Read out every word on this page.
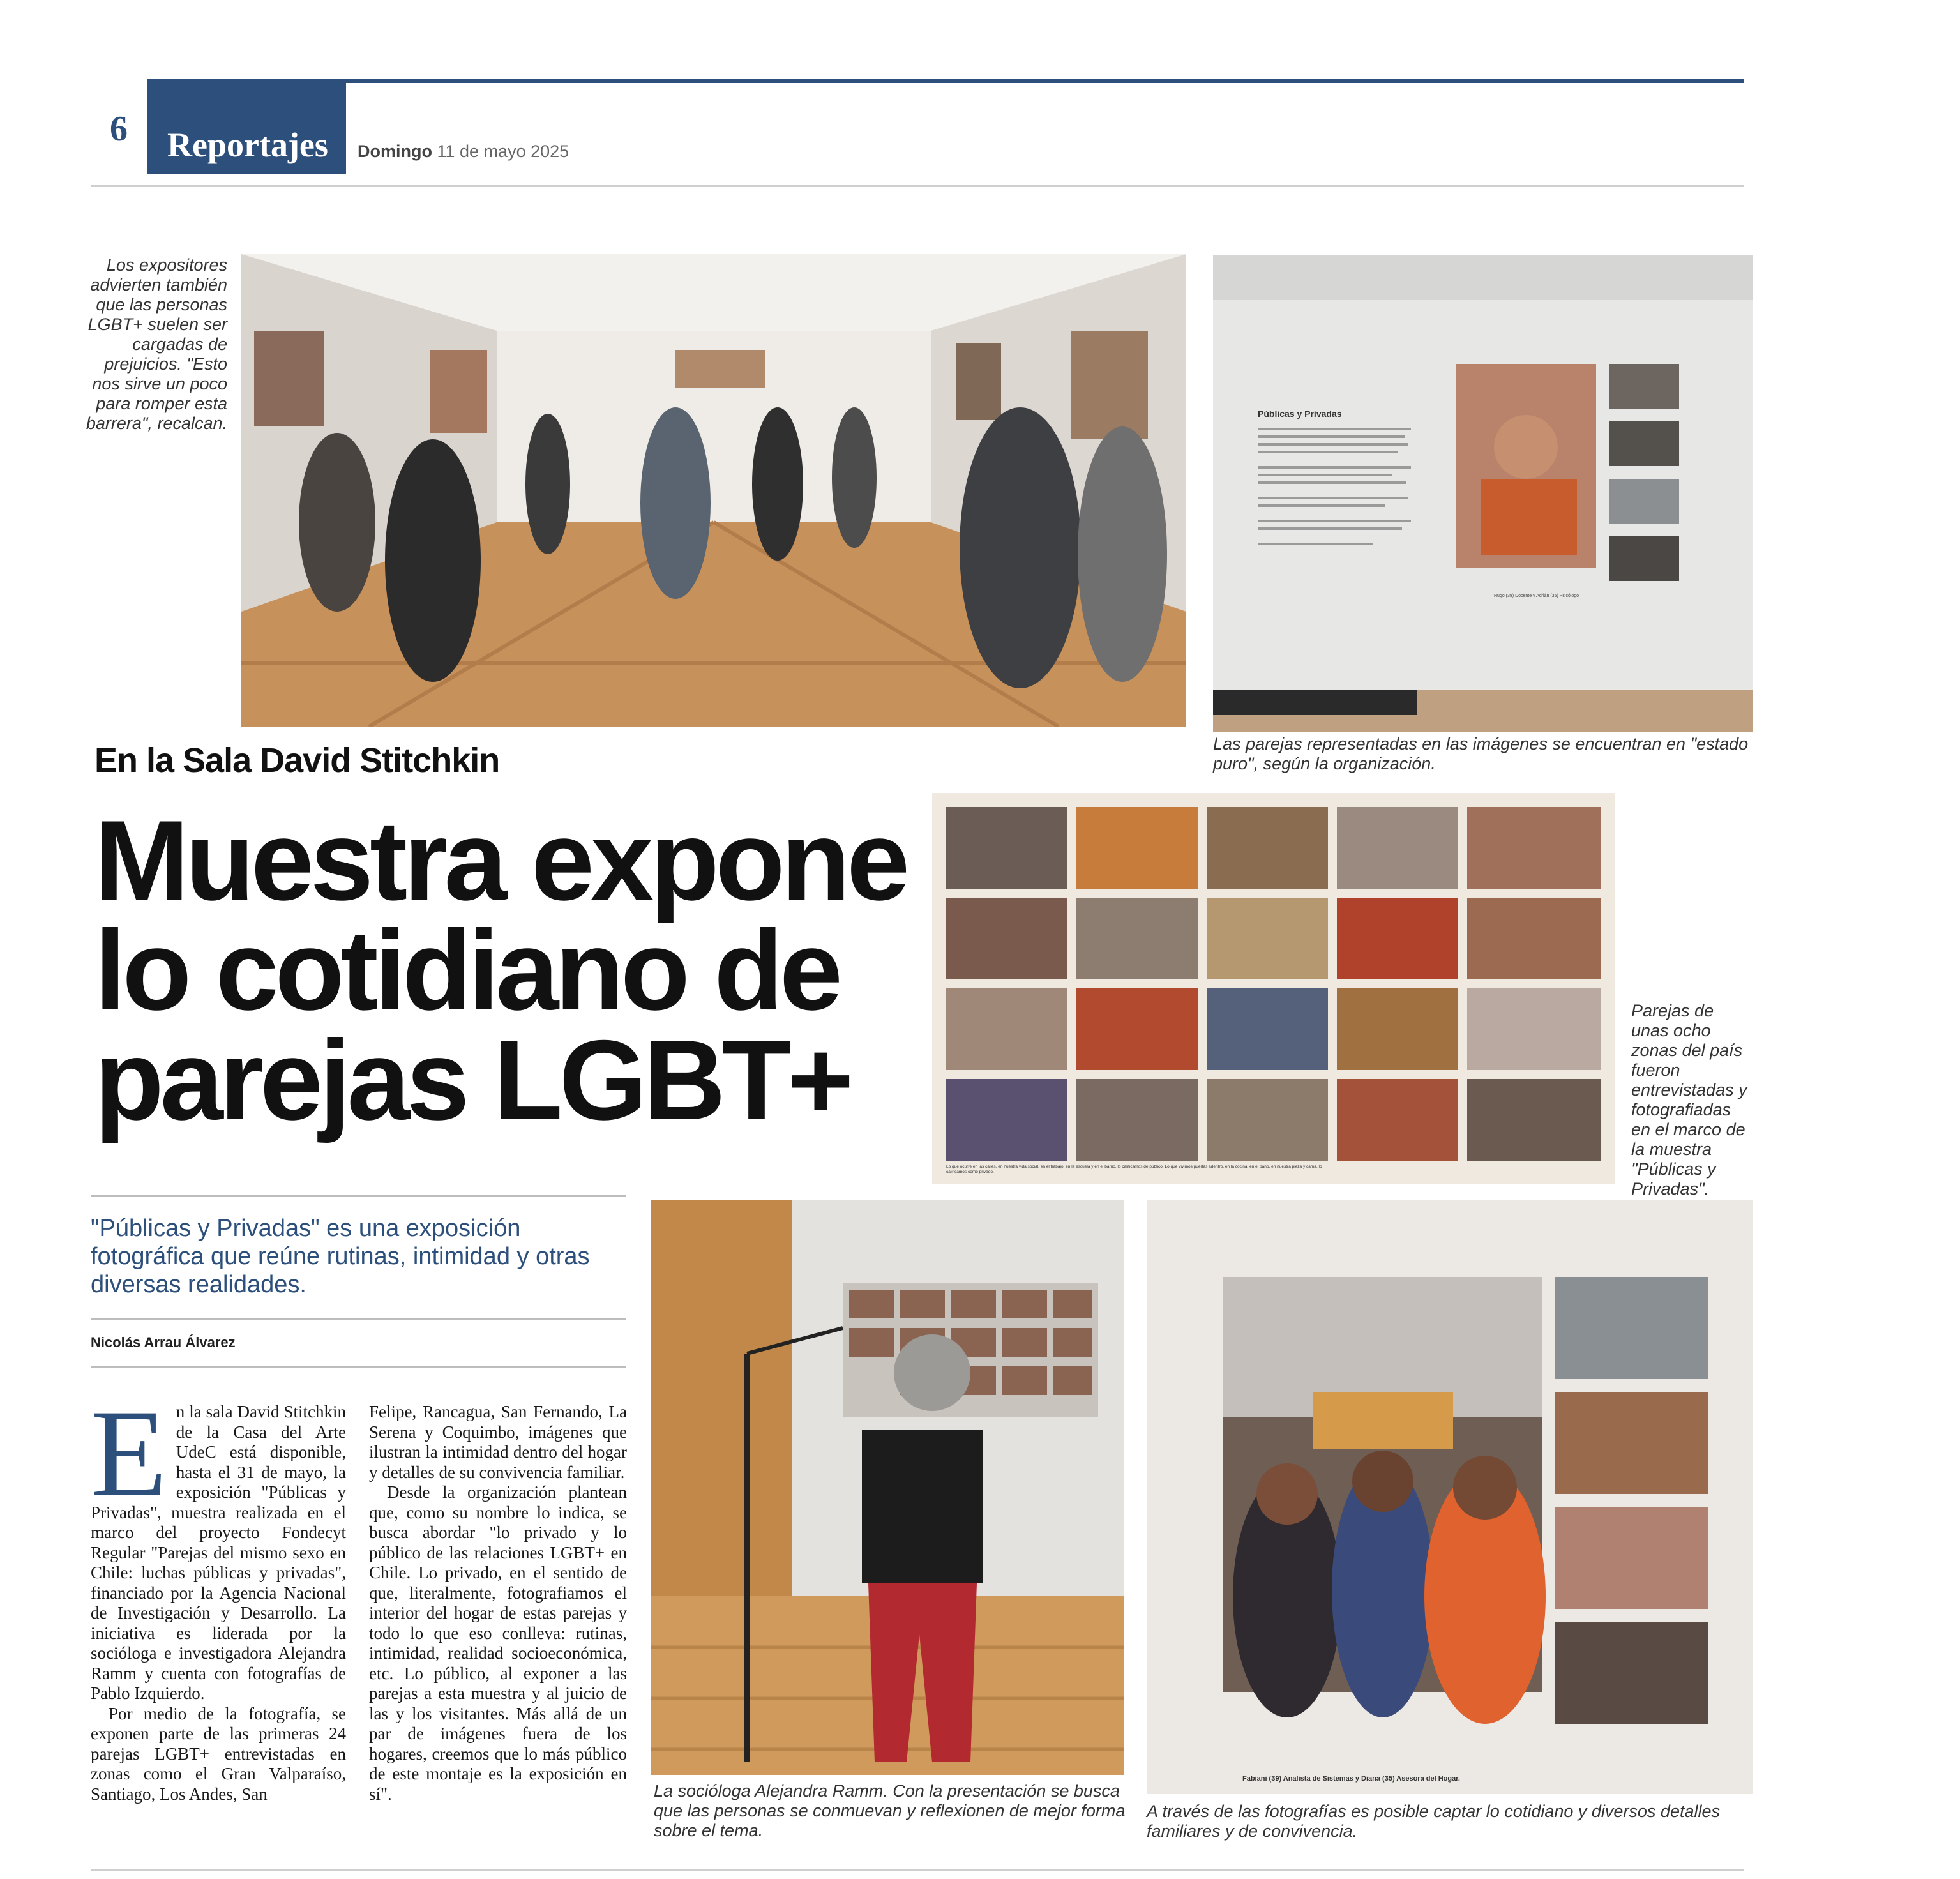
6	Reportajes Domingo 11 de mayo 2025
Los expositores advierten también que las personas LGBT+ suelen ser cargadas de prejuicios. "Esto nos sirve un poco para romper esta barrera", recalcan.	Públicas y Privadas
Hugo (38) Docente y Adrián (35) Psicólogo
Las parejas representadas en las imágenes se encuentran en "estado puro", según la organización.
En la Sala David Stitchkin
Muestra expone
lo cotidiano de
parejas LGBT+
Lo que ocurre en las calles, en nuestra vida social, en el trabajo, en la escuela y en el barrio, lo calificamos de público. Lo que vivimos puertas adentro, en la cocina, en el baño, en nuestra pieza y cama, lo calificamos como privado.
Parejas de unas ocho zonas del país fueron entrevistadas y fotografiadas en el marco de la muestra "Públicas y Privadas".
"Públicas y Privadas" es una exposición fotográfica que reúne rutinas, intimidad y otras diversas realidades.
Nicolás Arrau Álvarez

En la sala David Stitchkin de la Casa del Arte UdeC está disponible, hasta el 31 de mayo, la exposición "Públicas y Privadas", muestra realizada en el marco del proyecto Fondecyt Regular "Parejas del mismo sexo en Chile: luchas públicas y privadas", financiado por la Agencia Nacional de Investigación y Desarrollo. La iniciativa es liderada por la socióloga e investigadora Alejandra Ramm y cuenta con fotografías de Pablo Izquierdo.

Por medio de la fotografía, se exponen parte de las primeras 24 parejas LGBT+ entrevistadas en zonas como el Gran Valparaíso, Santiago, Los Andes, San

Felipe, Rancagua, San Fernando, La Serena y Coquimbo, imágenes que ilustran la intimidad dentro del hogar y detalles de su convivencia familiar.

Desde la organización plantean que, como su nombre lo indica, se busca abordar "lo privado y lo público de las relaciones LGBT+ en Chile. Lo privado, en el sentido de que, literalmente, fotografiamos el interior del hogar de estas parejas y todo lo que eso conlleva: rutinas, intimidad, realidad socioeconómica, etc. Lo público, al exponer a las parejas a esta muestra y al juicio de las y los visitantes. Más allá de un par de imágenes fuera de los hogares, creemos que lo más público de este montaje es la exposición en sí".	La socióloga Alejandra Ramm. Con la presentación se busca que las personas se conmuevan y reflexionen de mejor forma sobre el tema.
Fabiani (39) Analista de Sistemas y Diana (35) Asesora del Hogar.
A través de las fotografías es posible captar lo cotidiano y diversos detalles familiares y de convivencia.
